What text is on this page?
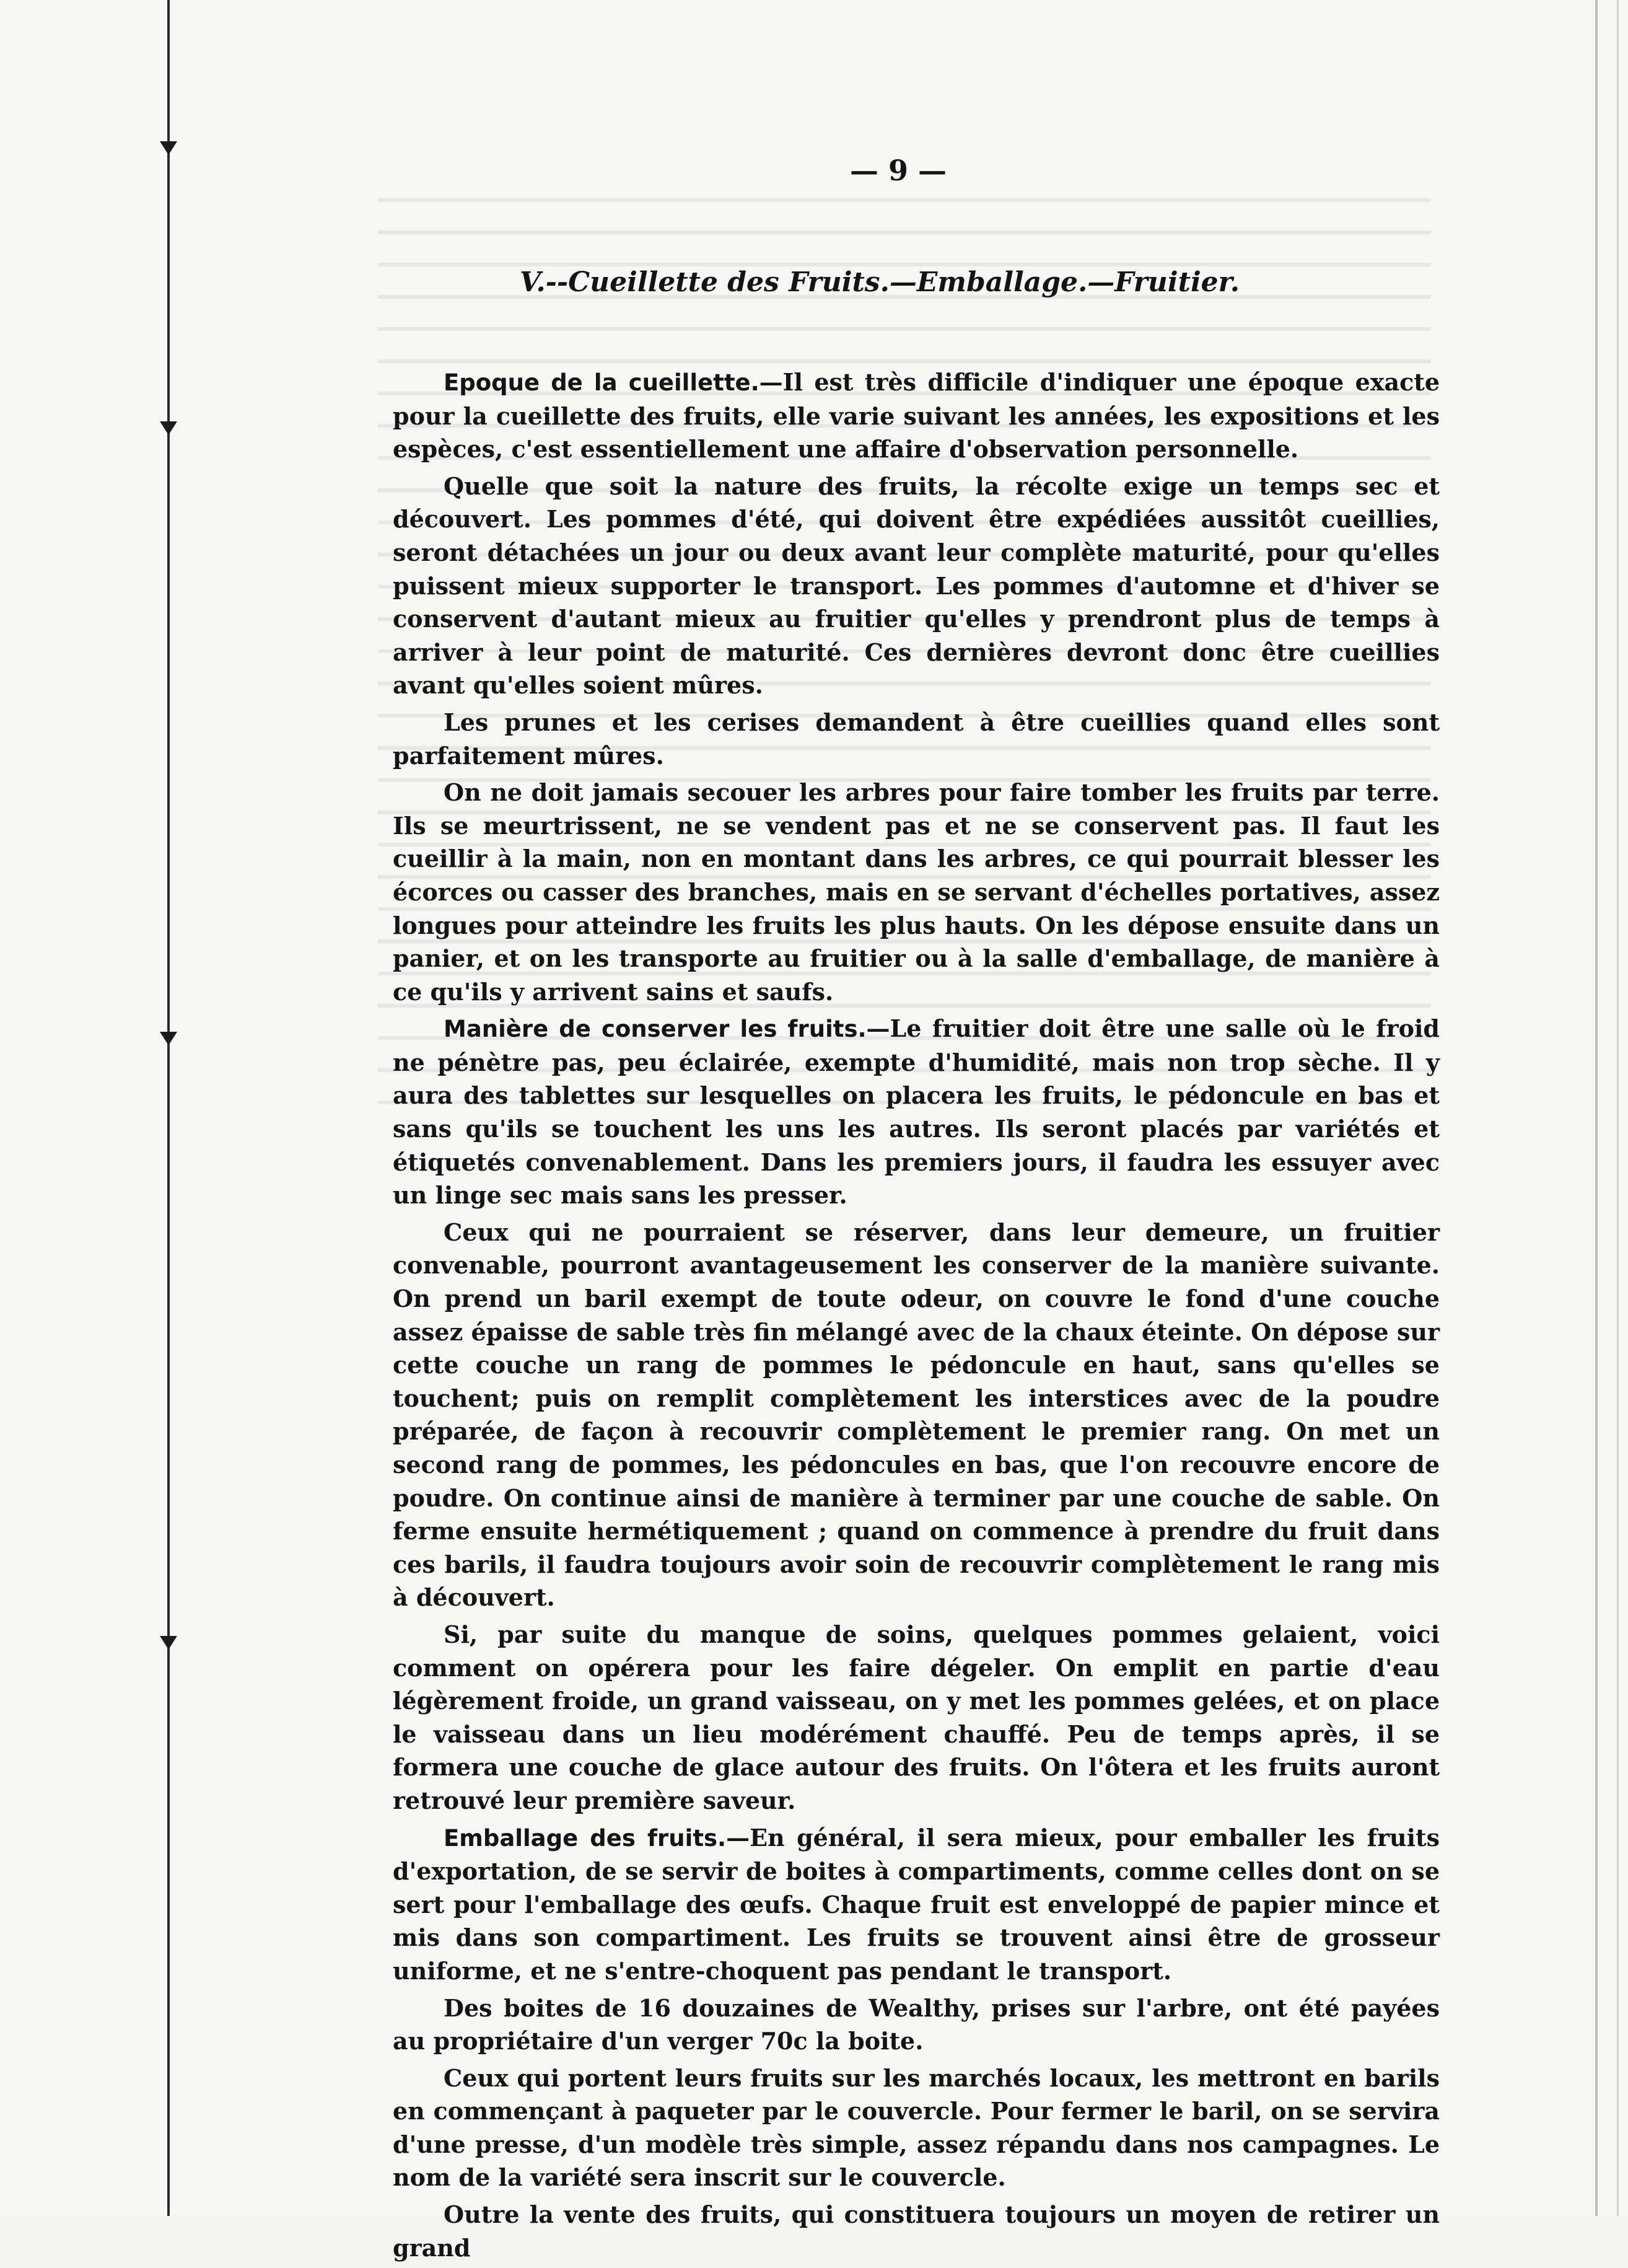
— 9 —
V.--Cueillette des Fruits.—Emballage.—Fruitier.

Epoque de la cueillette.—Il est très difficile d'indiquer une époque exacte pour la cueillette des fruits, elle varie suivant les années, les expositions et les espèces, c'est essentiellement une affaire d'observation personnelle.

Quelle que soit la nature des fruits, la récolte exige un temps sec et découvert. Les pommes d'été, qui doivent être expédiées aussitôt cueillies, seront détachées un jour ou deux avant leur complète maturité, pour qu'elles puissent mieux supporter le transport. Les pommes d'automne et d'hiver se conservent d'autant mieux au fruitier qu'elles y prendront plus de temps à arriver à leur point de maturité. Ces dernières devront donc être cueillies avant qu'elles soient mûres.

Les prunes et les cerises demandent à être cueillies quand elles sont parfaitement mûres.

On ne doit jamais secouer les arbres pour faire tomber les fruits par terre. Ils se meurtrissent, ne se vendent pas et ne se conservent pas. Il faut les cueillir à la main, non en montant dans les arbres, ce qui pourrait blesser les écorces ou casser des branches, mais en se servant d'échelles portatives, assez longues pour atteindre les fruits les plus hauts. On les dépose ensuite dans un panier, et on les transporte au fruitier ou à la salle d'emballage, de manière à ce qu'ils y arrivent sains et saufs.

Manière de conserver les fruits.—Le fruitier doit être une salle où le froid ne pénètre pas, peu éclairée, exempte d'humidité, mais non trop sèche. Il y aura des tablettes sur lesquelles on placera les fruits, le pédoncule en bas et sans qu'ils se touchent les uns les autres. Ils seront placés par variétés et étiquetés convenablement. Dans les premiers jours, il faudra les essuyer avec un linge sec mais sans les presser.

Ceux qui ne pourraient se réserver, dans leur demeure, un fruitier convenable, pourront avantageusement les conserver de la manière suivante. On prend un baril exempt de toute odeur, on couvre le fond d'une couche assez épaisse de sable très fin mélangé avec de la chaux éteinte. On dépose sur cette couche un rang de pommes le pédoncule en haut, sans qu'elles se touchent; puis on remplit complètement les interstices avec de la poudre préparée, de façon à recouvrir complètement le premier rang. On met un second rang de pommes, les pédoncules en bas, que l'on recouvre encore de poudre. On continue ainsi de manière à terminer par une couche de sable. On ferme ensuite hermétiquement ; quand on commence à prendre du fruit dans ces barils, il faudra toujours avoir soin de recouvrir complètement le rang mis à découvert.

Si, par suite du manque de soins, quelques pommes gelaient, voici comment on opérera pour les faire dégeler. On emplit en partie d'eau légèrement froide, un grand vaisseau, on y met les pommes gelées, et on place le vaisseau dans un lieu modérément chauffé. Peu de temps après, il se formera une couche de glace autour des fruits. On l'ôtera et les fruits auront retrouvé leur première saveur.

Emballage des fruits.—En général, il sera mieux, pour emballer les fruits d'exportation, de se servir de boites à compartiments, comme celles dont on se sert pour l'emballage des œufs. Chaque fruit est enveloppé de papier mince et mis dans son compartiment. Les fruits se trouvent ainsi être de grosseur uniforme, et ne s'entre-choquent pas pendant le transport.

Des boites de 16 douzaines de Wealthy, prises sur l'arbre, ont été payées au propriétaire d'un verger 70c la boite.

Ceux qui portent leurs fruits sur les marchés locaux, les mettront en barils en commençant à paqueter par le couvercle. Pour fermer le baril, on se servira d'une presse, d'un modèle très simple, assez répandu dans nos campagnes. Le nom de la variété sera inscrit sur le couvercle.

Outre la vente des fruits, qui constituera toujours un moyen de retirer un grand
